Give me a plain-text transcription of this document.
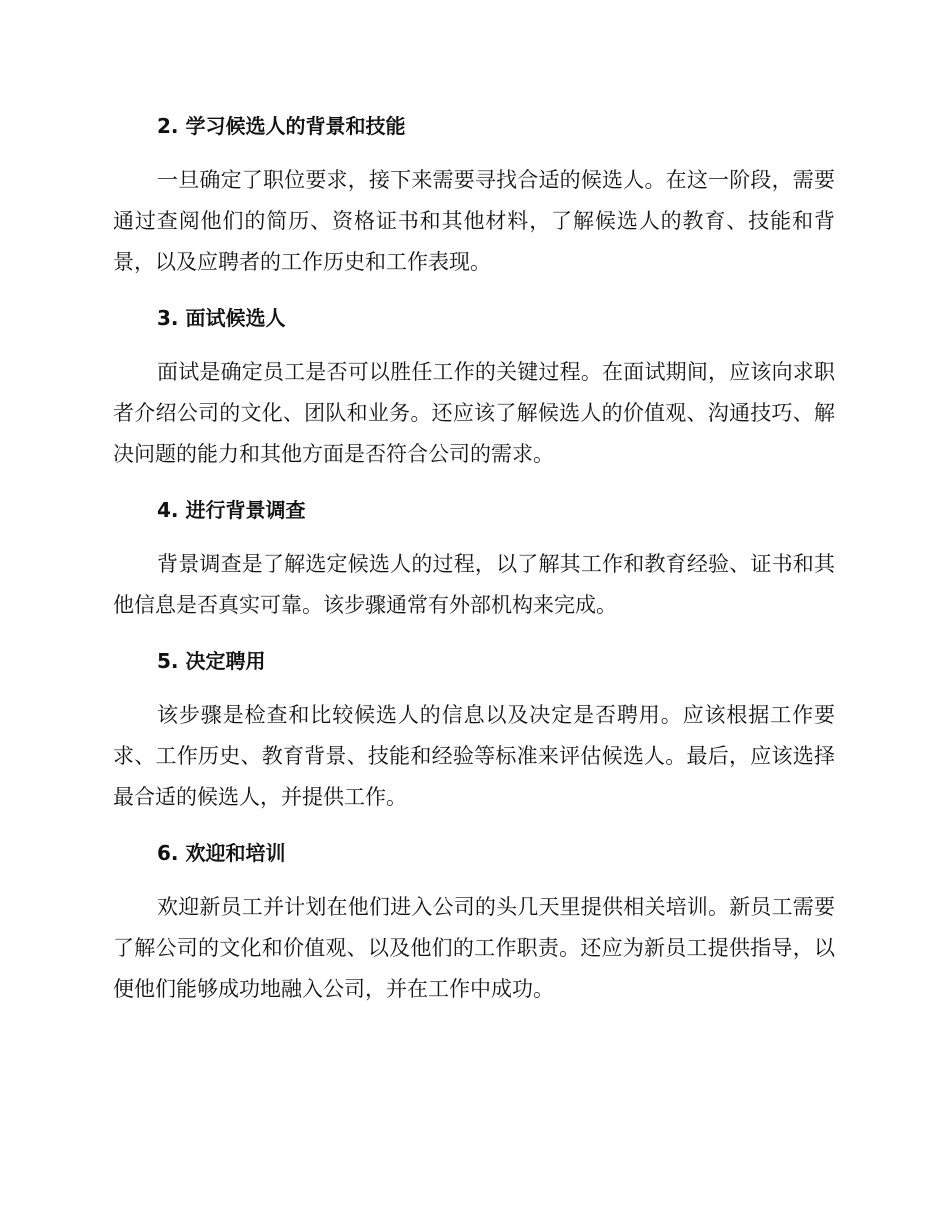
2. 学习候选人的背景和技能

一旦确定了职位要求，接下来需要寻找合适的候选人。在这一阶段，需要通过查阅他们的简历、资格证书和其他材料，了解候选人的教育、技能和背景，以及应聘者的工作历史和工作表现。

3. 面试候选人

面试是确定员工是否可以胜任工作的关键过程。在面试期间，应该向求职者介绍公司的文化、团队和业务。还应该了解候选人的价值观、沟通技巧、解决问题的能力和其他方面是否符合公司的需求。

4. 进行背景调查

背景调查是了解选定候选人的过程，以了解其工作和教育经验、证书和其他信息是否真实可靠。该步骤通常有外部机构来完成。

5. 决定聘用

该步骤是检查和比较候选人的信息以及决定是否聘用。应该根据工作要求、工作历史、教育背景、技能和经验等标准来评估候选人。最后，应该选择最合适的候选人，并提供工作。

6. 欢迎和培训

欢迎新员工并计划在他们进入公司的头几天里提供相关培训。新员工需要了解公司的文化和价值观、以及他们的工作职责。还应为新员工提供指导，以便他们能够成功地融入公司，并在工作中成功。
